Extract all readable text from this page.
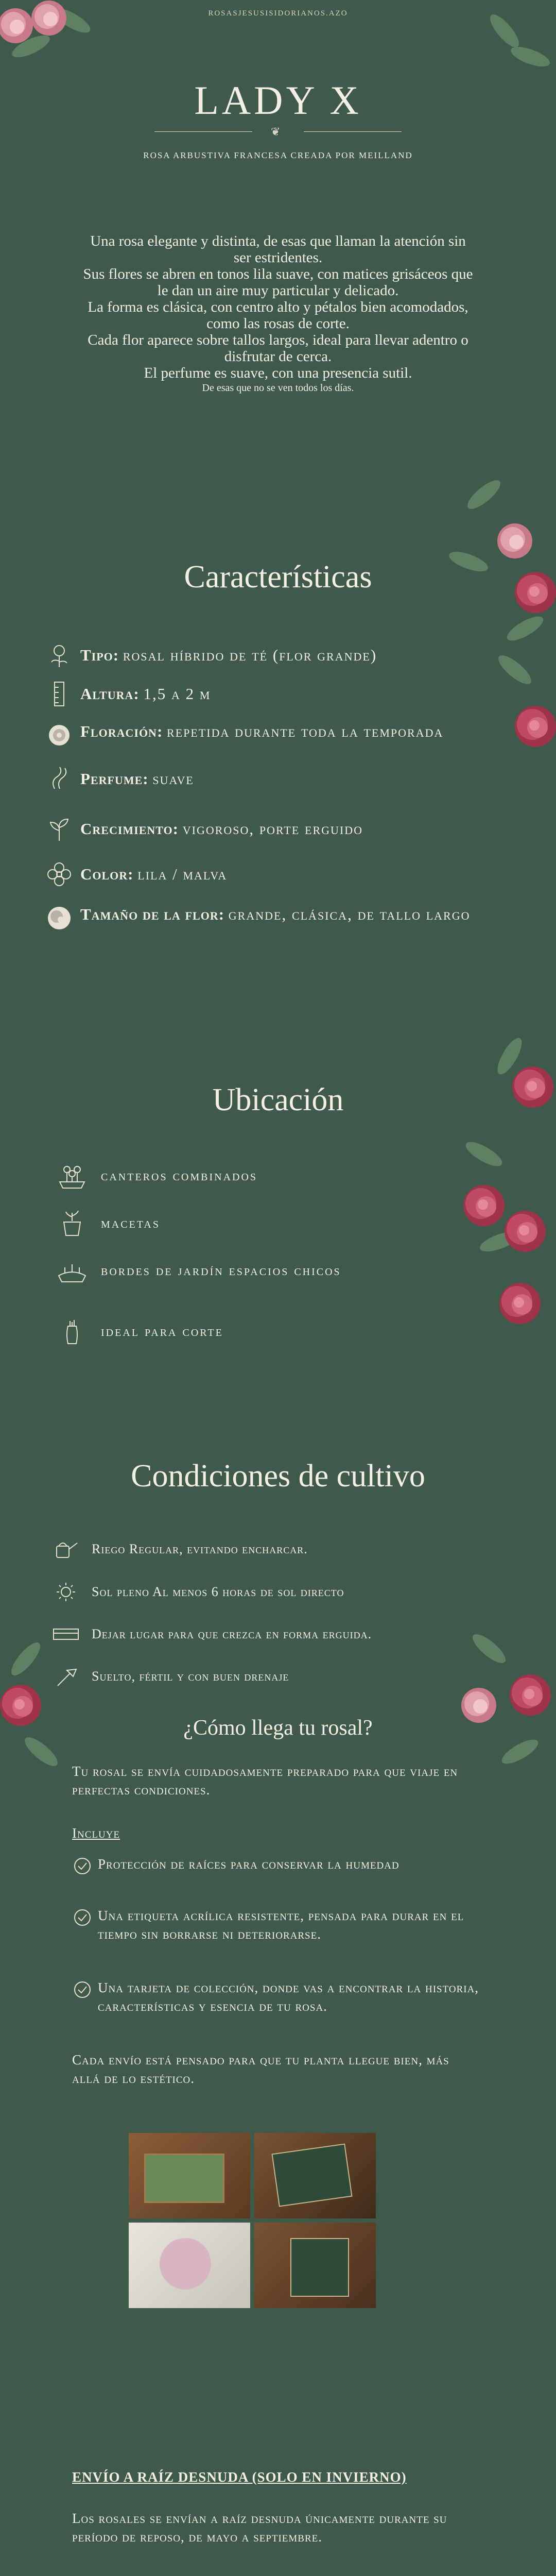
ROSASJESUSISIDORIANOS.AZO
LADY X
❦
ROSA ARBUSTIVA FRANCESA CREADA POR MEILLAND
Una rosa elegante y distinta, de esas que llaman la atención sin
ser estridentes.
Sus flores se abren en tonos lila suave, con matices grisáceos que
le dan un aire muy particular y delicado.
La forma es clásica, con centro alto y pétalos bien acomodados,
como las rosas de corte.
Cada flor aparece sobre tallos largos, ideal para llevar adentro o
disfrutar de cerca.
El perfume es suave, con una presencia sutil.
De esas que no se ven todos los días.
Características
Tipo: rosal híbrido de té (flor grande)
Altura: 1,5 a 2 m
Floración: repetida durante toda la temporada
Perfume: suave
Crecimiento: vigoroso, porte erguido
Color: lila / malva
Tamaño de la flor: grande, clásica, de tallo largo
Ubicación
canteros combinados
macetas
bordes de jardín espacios chicos
ideal para corte
Condiciones de cultivo
Riego Regular, evitando encharcar.
Sol pleno Al menos 6 horas de sol directo
Dejar lugar para que crezca en forma erguida.
Suelto, fértil y con buen drenaje
¿Cómo llega tu rosal?
Tu rosal se envía cuidadosamente preparado para que viaje en perfectas condiciones.
Incluye
Protección de raíces para conservar la humedad
Una etiqueta acrílica resistente, pensada para durar en el tiempo sin borrarse ni deteriorarse.
Una tarjeta de colección, donde vas a encontrar la historia, características y esencia de tu rosa.
Cada envío está pensado para que tu planta llegue bien, más allá de lo estético.
ENVÍO A RAÍZ DESNUDA (SOLO EN INVIERNO)
Los rosales se envían a raíz desnuda únicamente durante su período de reposo, de mayo a septiembre.
